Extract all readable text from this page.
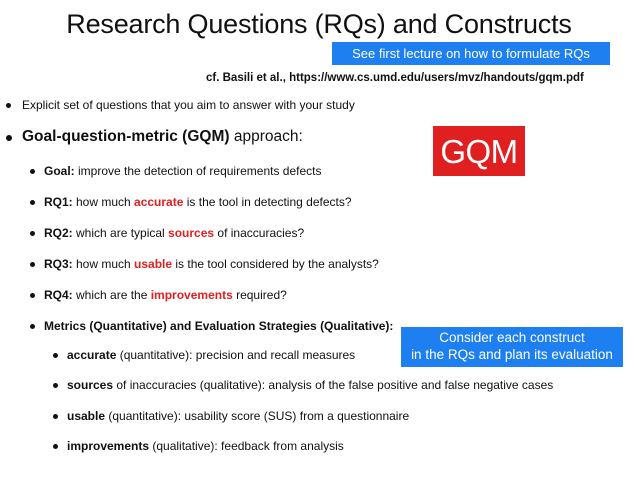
Research Questions (RQs) and Constructs
See first lecture on how to formulate RQs
cf. Basili et al., https://www.cs.umd.edu/users/mvz/handouts/gqm.pdf
GQM
Consider each construct
in the RQs and plan its evaluation
Explicit set of questions that you aim to answer with your study
Goal-question-metric (GQM) approach:
Goal: improve the detection of requirements defects
RQ1: how much accurate is the tool in detecting defects?
RQ2: which are typical sources of inaccuracies?
RQ3: how much usable is the tool considered by the analysts?
RQ4: which are the improvements required?
Metrics (Quantitative) and Evaluation Strategies (Qualitative):
accurate (quantitative): precision and recall measures
sources of inaccuracies (qualitative): analysis of the false positive and false negative cases
usable (quantitative): usability score (SUS) from a questionnaire
improvements (qualitative): feedback from analysis
